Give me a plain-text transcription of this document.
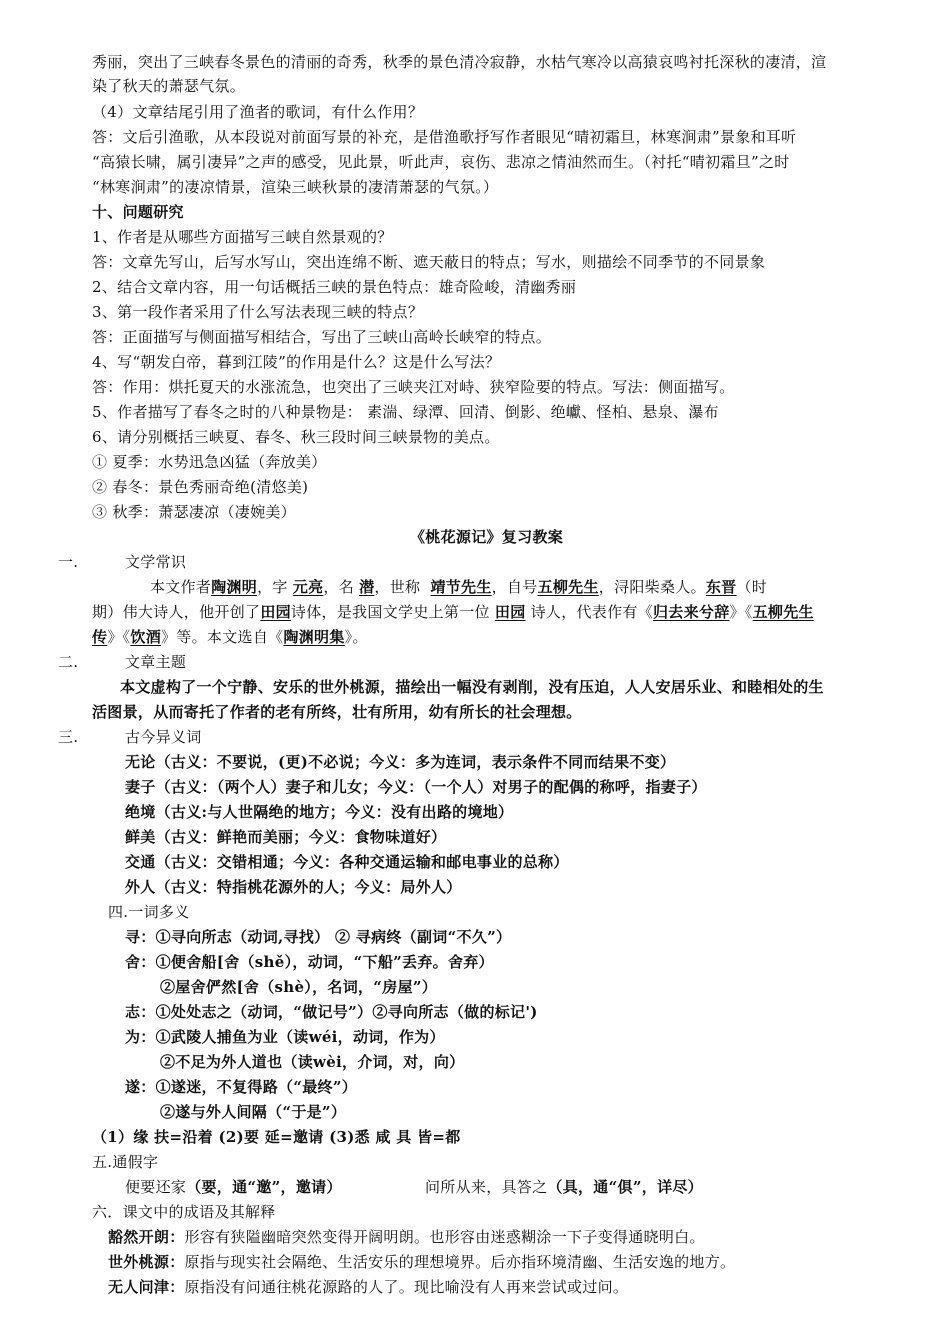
秀丽，突出了三峡春冬景色的清丽的奇秀，秋季的景色清冷寂静，水枯气寒冷以高猿哀鸣衬托深秋的凄清，渲
染了秋天的萧瑟气氛。
（4）文章结尾引用了渔者的歌词，有什么作用？
答：文后引渔歌，从本段说对前面写景的补充，是借渔歌抒写作者眼见“晴初霜旦，林寒涧肃”景象和耳听
“高猿长啸，属引凄异”之声的感受，见此景，听此声，哀伤、悲凉之情油然而生。（衬托“晴初霜旦”之时
“林寒涧肃”的凄凉情景，渲染三峡秋景的凄清萧瑟的气氛。）
十、问题研究
1、作者是从哪些方面描写三峡自然景观的？
答：文章先写山，后写水写山，突出连绵不断、遮天蔽日的特点；写水，则描绘不同季节的不同景象
2、结合文章内容，用一句话概括三峡的景色特点：雄奇险峻，清幽秀丽
3、第一段作者采用了什么写法表现三峡的特点？
答：正面描写与侧面描写相结合，写出了三峡山高岭长峡窄的特点。
4、写“朝发白帝，暮到江陵”的作用是什么？这是什么写法？
答：作用：烘托夏天的水涨流急，也突出了三峡夹江对峙、狭窄险要的特点。写法：侧面描写。
5、作者描写了春冬之时的八种景物是： 素湍、绿潭、回清、倒影、绝巘、怪柏、悬泉、瀑布
6、请分别概括三峡夏、春冬、秋三段时间三峡景物的美点。
① 夏季：水势迅急凶猛（奔放美）
② 春冬：景色秀丽奇绝(清悠美)
③ 秋季：萧瑟凄凉（凄婉美）
《桃花源记》复习教案
一.	文学常识
本文作者陶渊明，字 元亮，名 潜，世称 靖节先生，自号五柳先生，浔阳柴桑人。东晋（时
期）伟大诗人，他开创了田园诗体，是我国文学史上第一位 田园 诗人，代表作有《归去来兮辞》《五柳先生
传》《饮酒》等。本文选自《陶渊明集》。
二.	文章主题
本文虚构了一个宁静、安乐的世外桃源，描绘出一幅没有剥削，没有压迫，人人安居乐业、和睦相处的生
活图景，从而寄托了作者的老有所终，壮有所用，幼有所长的社会理想。
三.	古今异义词
无论（古义：不要说，(更)不必说；今义：多为连词，表示条件不同而结果不变）
妻子（古义：（两个人）妻子和儿女；今义：（一个人）对男子的配偶的称呼，指妻子）
绝境（古义:与人世隔绝的地方；今义：没有出路的境地）
鲜美（古义：鲜艳而美丽；今义：食物味道好）
交通（古义：交错相通；今义：各种交通运输和邮电事业的总称）
外人（古义：特指桃花源外的人；今义：局外人）
四.一词多义
寻：①寻向所志（动词,寻找） ② 寻病终（副词“不久”）
舍：①便舍船[舍（shě），动词，“下船”丢弃。舍弃）
②屋舍俨然[舍（shè），名词，“房屋”）
志：①处处志之（动词，“做记号”）②寻向所志（做的标记')
为：①武陵人捕鱼为业（读wéi，动词，作为）
②不足为外人道也（读wèi，介词，对，向）
遂：①遂迷，不复得路（“最终”）
②遂与外人间隔（“于是”）
（1）缘 扶=沿着 (2)要 延=邀请 (3)悉 咸 具 皆=都
五.通假字
便要还家（要，通“邀”，邀请）	问所从来，具答之（具，通“俱”，详尽）
六．课文中的成语及其解释
豁然开朗：形容有狭隘幽暗突然变得开阔明朗。也形容由迷惑糊涂一下子变得通晓明白。
世外桃源：原指与现实社会隔绝、生活安乐的理想境界。后亦指环境清幽、生活安逸的地方。
无人问津：原指没有问通往桃花源路的人了。现比喻没有人再来尝试或过问。
